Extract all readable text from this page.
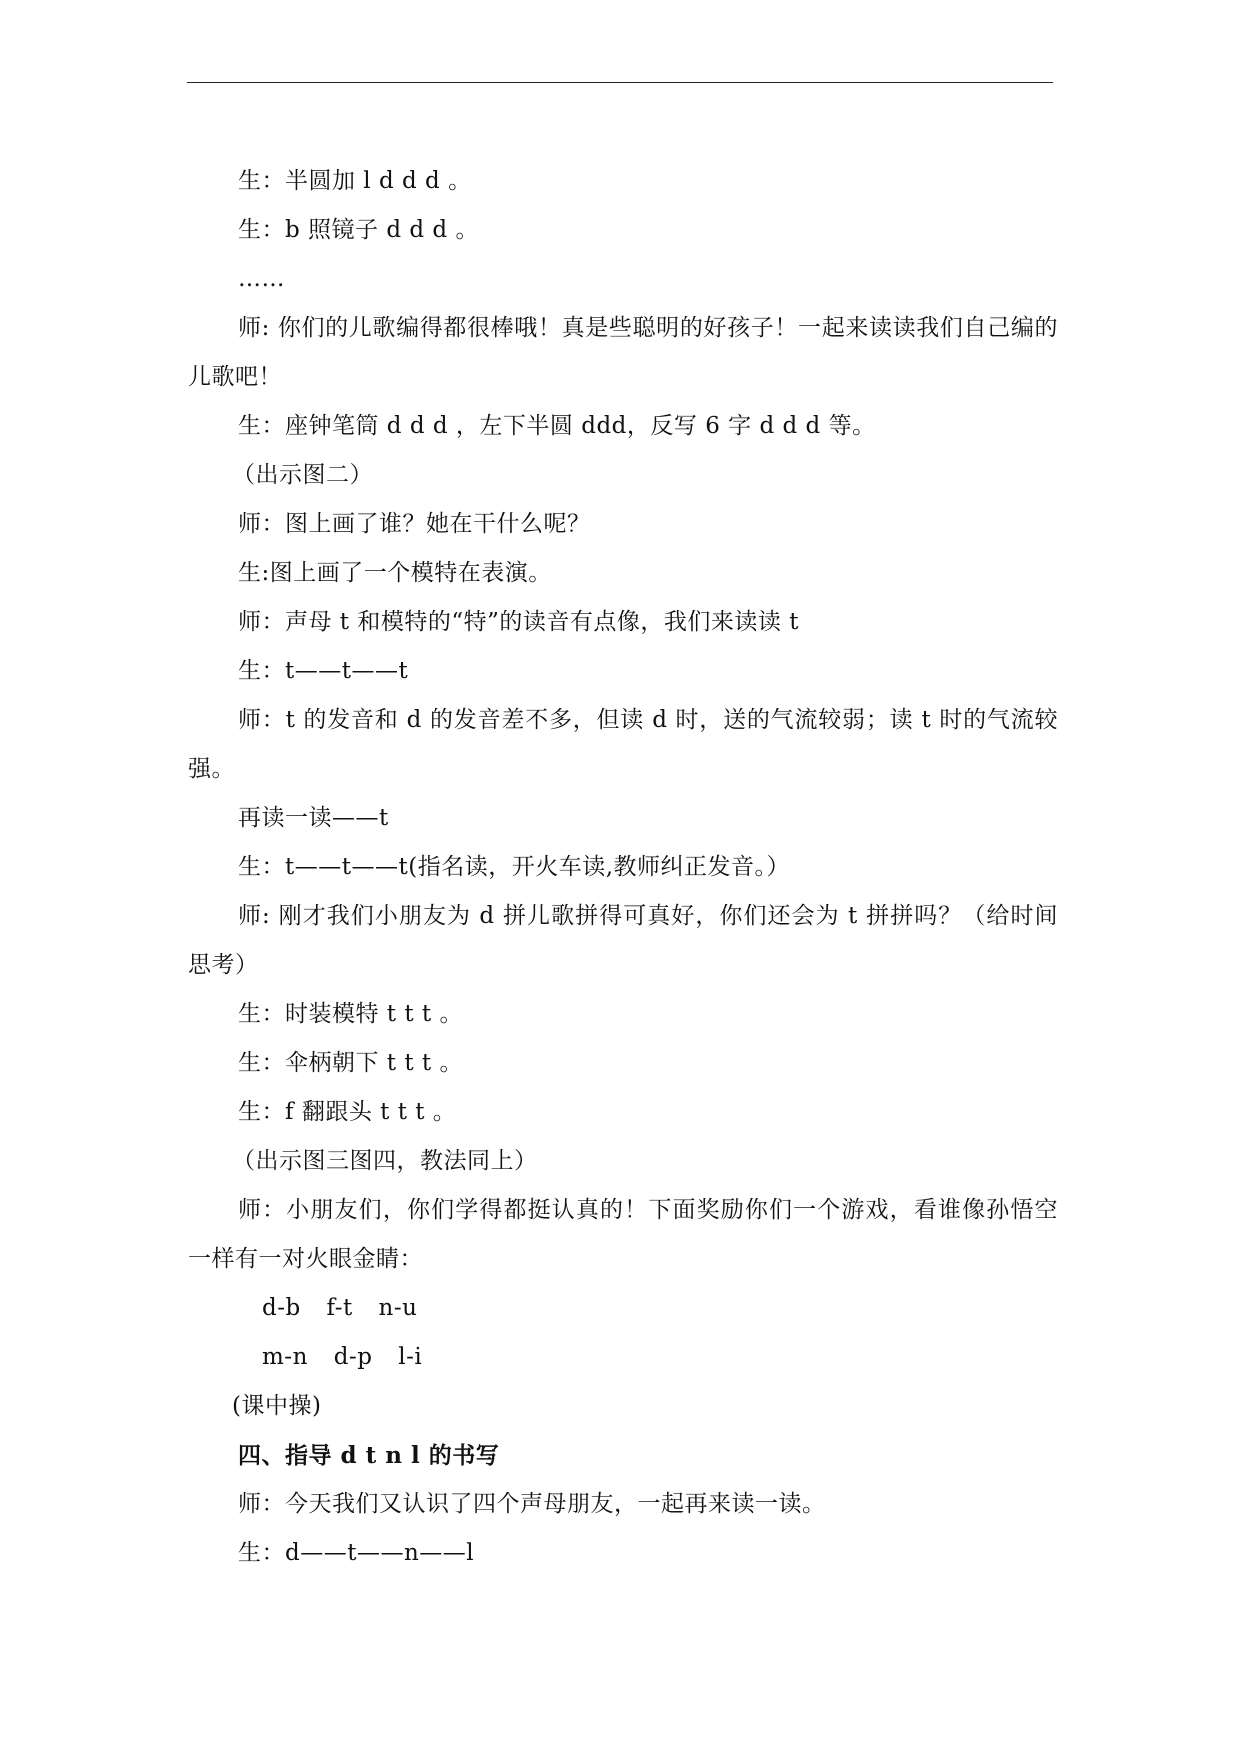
生：半圆加 l d d d 。
生：b 照镜子 d d d 。
……
师: 你们的儿歌编得都很棒哦！真是些聪明的好孩子！一起来读读我们自己编的儿歌吧！
生：座钟笔筒 d d d ，左下半圆 ddd，反写 6 字 d d d 等。
（出示图二）
师：图上画了谁？她在干什么呢？
生:图上画了一个模特在表演。
师：声母 t 和模特的“特”的读音有点像，我们来读读 t
生：t——t——t
师：t 的发音和 d 的发音差不多，但读 d 时，送的气流较弱；读 t 时的气流较强。
再读一读——t
生：t——t——t(指名读，开火车读,教师纠正发音。）
师: 刚才我们小朋友为 d 拼儿歌拼得可真好，你们还会为 t 拼拼吗？（给时间思考）
生：时装模特 t t t 。
生：伞柄朝下 t t t 。
生：f 翻跟头 t t t 。
（出示图三图四，教法同上）
师：小朋友们，你们学得都挺认真的！下面奖励你们一个游戏，看谁像孙悟空一样有一对火眼金睛：
d-b f-t n-u
m-n d-p l-i
(课中操)
四、指导 d t n l 的书写
师：今天我们又认识了四个声母朋友，一起再来读一读。
生：d——t——n——l
